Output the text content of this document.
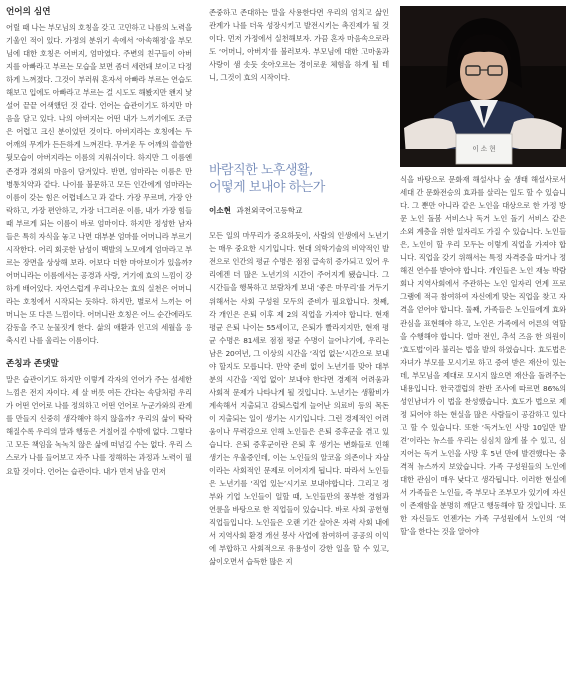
언어의 심연

어릴 때 나는 부모님의 호칭을 갖고 고민하고 나름의 노력을 기울인 적이 있다. 가정의 분위기 속에서 ‘아속해정’을 부모님에 대한 호칭은 어버지, 엄마였다. 주변의 친구들이 아버지를 아빠라고 부르는 모습을 보면 좀더 세련돼 보이고 다정하게 느껴졌다. 그것이 부러워 혼자서 아빠라 부르는 연습도 해보고 입에도 아빠라고 부르는 걸 시도도 해봤지만 왠지 낯설어 끝끝 어색했던 것 같다. 언어는 습관이기도 하지만 마음을 담고 있다. 나의 아버지는 어떤 내가 느끼기에도 조금은 어렵고 크신 분이었던 것이다. 아버지라는 호칭에는 두 어깨의 무게가 든든하게 느껴진다. 무거운 두 어깨의 쓸쓸한 뒷모습이 아버지라는 이름의 지워쉬이다. 하지만 그 이름엔 존경과 경외의 마음이 담겨있다. 반면, 엄마라는 이름은 만병통치약과 같다. 나이를 불문하고 모든 인간에게 엄마라는 이름이 갖는 힘은 어렵네스고 과 같다. 가장 무르며, 가장 안락하고, 가장 편안하고, 가장 너그러운 이름, 내가 가장 힘들 때 부르게 되는 이름이 바로 엄마이다. 하지만 정성한 남자들은 특히 자식을 놓고 나면 대부분 엄마를 어머니라 부르기 시작한다. 어리 회곳한 남성이 백발의 노모에게 엄마라고 부르는 장면을 상상해 보라. 어보다 더한 마아보이가 있을까? 어머니라는 이름에서는 공경과 사랑, 거기에 효의 느낌이 강하게 배어있다. 자연스럽게 우리나오는 효의 실천은 어머니라는 호칭에서 시작되는 듯하다. 하지만, 별로서 느끼는 어머니는 또 다른 느낌이다. 어머니란 호칭은 어느 순간에라도 감동을 주고 눈물짓게 한다. 삶의 애환과 인고의 세월을 응축시킨 나를 울리는 이름이다.

존칭과 존댓말

말은 습관이기도 하지만 이렇게 각자의 언어가 주는 섬세한 느낌은 전지 자이다. 세 살 버릇 여든 간다는 속담처럼 우리가 어떤 언어로 나를 정의하고 어떤 언어로 누군가와의 관계를 만들지 신중히 생각해야 하지 않을까? 우리의 삶이 탁락해질수록 우리의 말과 행동은 거칠어질 수밖에 없다. 그렇다고 모든 책임을 녹녹치 않은 삶에 떠넘길 수는 없다. 우리 스스로가 나를 들어보고 자주 나를 정해하는 과정과 노력이 필요할 것이다. 언어는 습관이다. 내가 먼저 남을 먼저

존중하고 존대하는 말을 사용한다면 우리의 엄치고 삶인 관계가 나를 더욱 성장시키고 발전시키는 촉진제가 될 것이다. 먼저 가정에서 실천해보자. 가끔 혼자 마음속으로라도 ‘어머니, 아버지’를 불러보자. 부모님에 대한 고마움과 사랑이 샘 솟듯 솟아오르는 경이로운 체험을 하게 될 테니, 그것이 효의 시작이다.

바람직한 노후생활,
어떻게 보내야 하는가
이소현 과천외국어고등학교

모든 일의 마무리가 중요하듯이, 사람의 인생에서 노년기는 매우 중요한 시기입니다. 현대 의학기술의 비약적인 발전으로 인간의 평균 수명은 점점 급속히 증가되고 있어 우리에겐 더 많은 노년기의 시간이 주어지게 됐습니다. 그 시간들을 행복하고 보람차게 보내 ‘좋은 마무리’를 거두기 위해서는 사회 구성원 모두의 준비가 필요합니다. 첫째, 각 개인은 은퇴 이후 제 2의 직업을 가져야 합니다. 현재 평균 은퇴 나이는 55세이고, 은퇴가 빨라지지만, 현재 평균 수명은 81세로 점점 평균 수명이 늘어나기에, 우리는 남은 20여년, 그 이상의 시간을 ‘직업 없는’시간으로 보내야 할지도 모릅니다. 만약 준비 없이 노년기를 맞아 대부분의 시간을 ‘직업 없이’ 보내야 한다면 경제적 어려움과 사회적 문제가 나타나게 될 것입니다. 노년기는 생활비가 계속해서 지출되고 감퇴스럽게 늘어난 의료비 등의 목돈이 지출되는 일이 생기는 시기입니다. 그런 경제적인 어려움이나 무력감으로 인해 노인들은 은퇴 증후군을 겪고 있습니다. 은퇴 증후군이란 은퇴 후 생기는 변화들로 인해 생기는 우울증인데, 이는 노인들의 알코올 의존이나 자살이라는 사회적인 문제로 이어지게 됩니다. 따라서 노인들은 노년기를 ‘직업 있는’시기로 보내야합니다. 그리고 정부와 기업 노인들이 일할 때, 노인들만의 풍부한 경험과 연륜을 바탕으로 한 직업들이 있습니다. 바로 사회 공헌형 직업들입니다. 노인들은 오랜 기간 살아온 자력 사회 내에서 지역사회 환경 개선 봉사 사업에 참여하여 공공의 이익에 부합하고 사회적으로 유용성이 강한 일을 할 수 있고, 삶이오면서 습득한 많은 지

이 소 현

식을 바탕으로 문화재 해설사나 숲 생태 해설사로서 세대 간 문화전승의 효과를 살리는 일도 할 수 있습니다. 그 뿐만 아니라 같은 노인을 대상으로 한 가정 방문 노인 돌봄 서비스나 독거 노인 돌기 서비스 같은 소외 계층을 위한 일자리도 가질 수 있습니다. 노인들은, 노인이 할 우리 모두는 이렇게 직업을 가져야 합니다. 직업을 갖기 위해서는 특정 자격증을 따거나 정해진 연수를 받아야 합니다. 개인들은 노인 재능 박람회나 지역사회에서 주관하는 노인 일자리 연계 프로그램에 적극 참여하여 자신에게 맞는 직업을 찾고 자격을 얻어야 합니다. 둘째, 가족들은 노인들에게 효와 관심을 표현해야 하고, 노인은 가족에서 어른의 역할을 수행해야 합니다. 얼마 전인, 추석 즈음 한 의원이 ‘효도법’이라 불리는 법을 발의 하였습니다. 효도법은 자녀가 부모를 모시기로 하고 증여 받은 재산이 있는데, 부모님을 제대로 모시지 않으면 재산을 돌려주는 내용입니다. 한국갤럽의 찬반 조사에 따르면 86%의 성인남녀가 이 법을 찬성했습니다. 효도가 법으로 제정 되어야 하는 현실을 많은 사람들이 공감하고 있다고 할 수 있습니다. 또한 ‘독거노인 사망 10일만 발견’이라는 뉴스를 우리는 심심치 않게 볼 수 있고, 심지어는 독거 노인을 사망 후 5년 만에 발견했다는 충격적 뉴스까지 보았습니다. 가족 구성원들의 노인에 대한 관심이 매우 낮다고 생각됩니다. 이러한 현실에서 가족들은 노인들, 즉 부모나 조부모가 있기에 자신이 존재함을 분명히 깨닫고 행동해야 할 것입니다. 또한 자신들도 언젠가는 가족 구성원에서 노인의 ‘역할’을 한다는 것을 알아야
